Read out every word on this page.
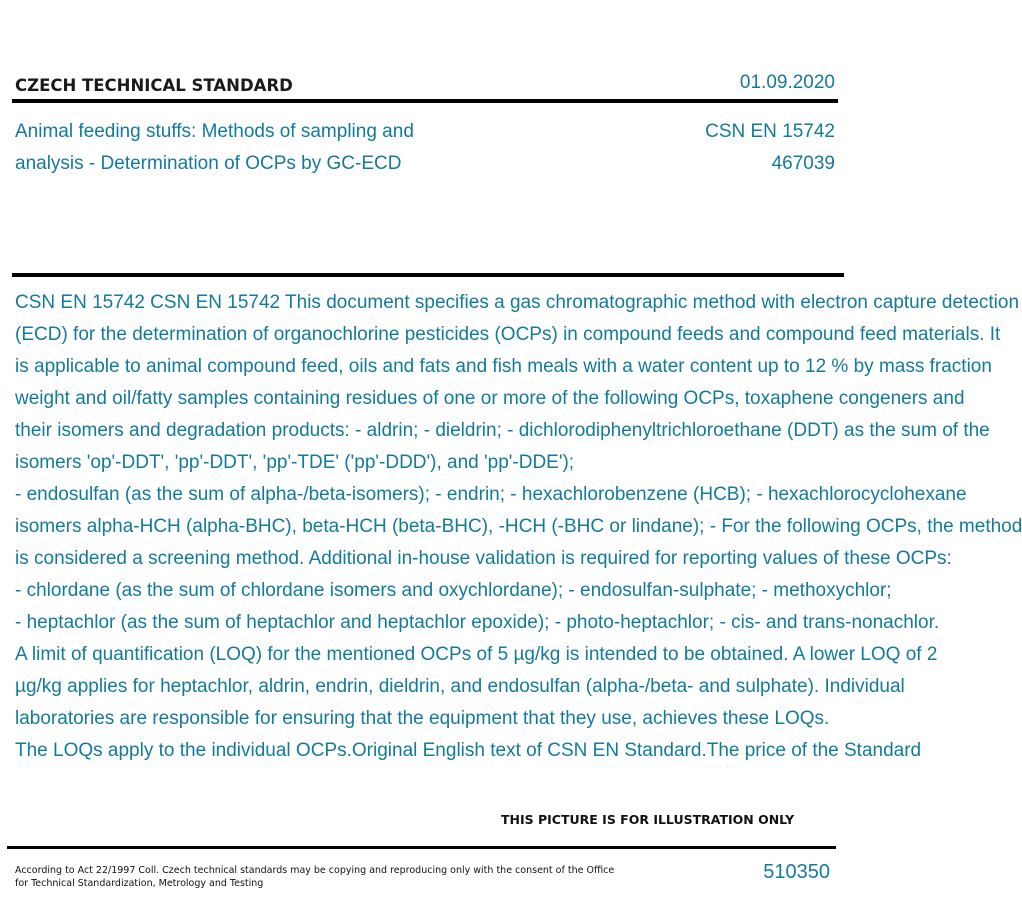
CZECH TECHNICAL STANDARD	01.09.2020
Animal feeding stuffs: Methods of sampling and
analysis - Determination of OCPs by GC-ECD
CSN EN 15742
467039
CSN EN 15742 CSN EN 15742 This document specifies a gas chromatographic method with electron capture detection
(ECD) for the determination of organochlorine pesticides (OCPs) in compound feeds and compound feed materials. It
is applicable to animal compound feed, oils and fats and fish meals with a water content up to 12 % by mass fraction
weight and oil/fatty samples containing residues of one or more of the following OCPs, toxaphene congeners and
their isomers and degradation products: - aldrin; - dieldrin; - dichlorodiphenyltrichloroethane (DDT) as the sum of the
isomers 'op'-DDT', 'pp'-DDT', 'pp'-TDE' ('pp'-DDD'), and 'pp'-DDE');
- endosulfan (as the sum of alpha-/beta-isomers); - endrin; - hexachlorobenzene (HCB); - hexachlorocyclohexane
isomers alpha-HCH (alpha-BHC), beta-HCH (beta-BHC), -HCH (-BHC or lindane); - For the following OCPs, the method
is considered a screening method. Additional in-house validation is required for reporting values of these OCPs:
- chlordane (as the sum of chlordane isomers and oxychlordane); - endosulfan-sulphate; - methoxychlor;
- heptachlor (as the sum of heptachlor and heptachlor epoxide); - photo-heptachlor; - cis- and trans-nonachlor.
A limit of quantification (LOQ) for the mentioned OCPs of 5 µg/kg is intended to be obtained. A lower LOQ of 2
µg/kg applies for heptachlor, aldrin, endrin, dieldrin, and endosulfan (alpha-/beta- and sulphate). Individual
laboratories are responsible for ensuring that the equipment that they use, achieves these LOQs.
The LOQs apply to the individual OCPs.Original English text of CSN EN Standard.The price of the Standard
THIS PICTURE IS FOR ILLUSTRATION ONLY
According to Act 22/1997 Coll. Czech technical standards may be copying and reproducing only with the consent of the Office
for Technical Standardization, Metrology and Testing
510350
